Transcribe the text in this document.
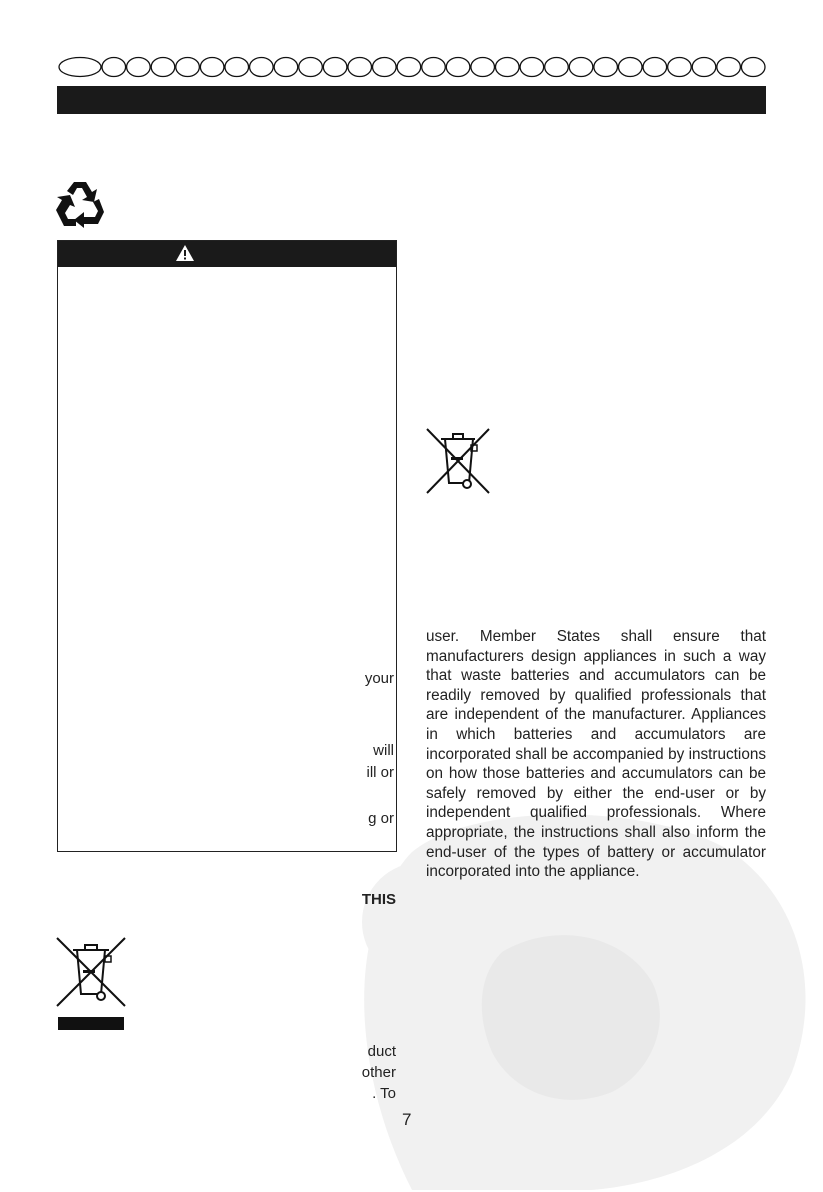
your
will
ill or
g or
THIS
duct
other
. To

user. Member States shall ensure that manufacturers design appliances in such a way that waste batteries and accumulators can be readily removed by qualified professionals that are independent of the manufacturer. Appliances in which batteries and accumulators are incorporated shall be accompanied by instructions on how those batteries and accumulators can be safely removed by either the end-user or by independent qualified professionals. Where appropriate, the instructions shall also inform the end-user of the types of battery or accumulator incorporated into the appliance.

7
